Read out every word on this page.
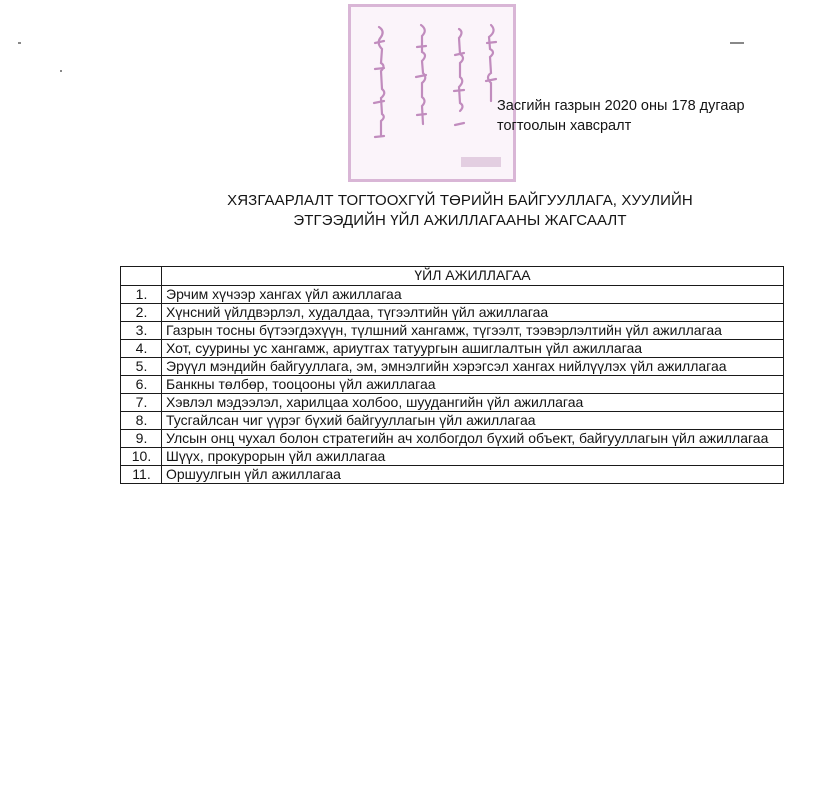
Засгийн газрын 2020 оны 178 дугаар
тогтоолын хавсралт
ХЯЗГААРЛАЛТ ТОГТООХГҮЙ ТӨРИЙН БАЙГУУЛЛАГА, ХУУЛИЙН
ЭТГЭЭДИЙН ҮЙЛ АЖИЛЛАГААНЫ ЖАГСААЛТ
	ҮЙЛ АЖИЛЛАГАА
1.	Эрчим хүчээр хангах үйл ажиллагаа
2.	Хүнсний үйлдвэрлэл, худалдаа, түгээлтийн үйл ажиллагаа
3.	Газрын тосны бүтээгдэхүүн, түлшний хангамж, түгээлт, тээвэрлэлтийн үйл ажиллагаа
4.	Хот, суурины ус хангамж, ариутгах татуургын ашиглалтын үйл ажиллагаа
5.	Эрүүл мэндийн байгууллага, эм, эмнэлгийн хэрэгсэл хангах нийлүүлэх үйл ажиллагаа
6.	Банкны төлбөр, тооцооны үйл ажиллагаа
7.	Хэвлэл мэдээлэл, харилцаа холбоо, шуудангийн үйл ажиллагаа
8.	Тусгайлсан чиг үүрэг бүхий байгууллагын үйл ажиллагаа
9.	Улсын онц чухал болон стратегийн ач холбогдол бүхий объект, байгууллагын үйл ажиллагаа
10.	Шүүх, прокурорын үйл ажиллагаа
11.	Оршуулгын үйл ажиллагаа
